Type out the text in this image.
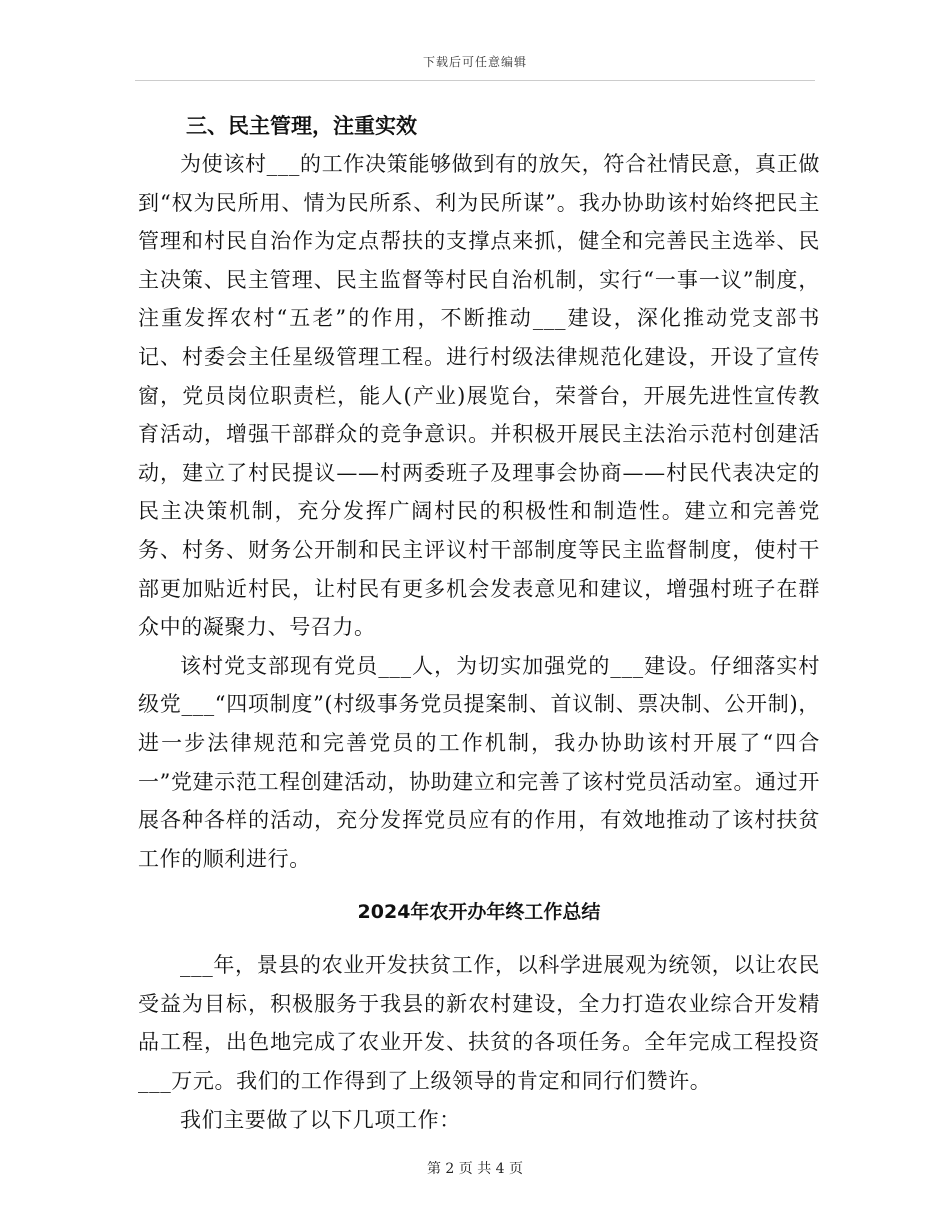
下载后可任意编辑
三、民主管理，注重实效

为使该村___的工作决策能够做到有的放矢，符合社情民意，真正做到“权为民所用、情为民所系、利为民所谋”。我办协助该村始终把民主管理和村民自治作为定点帮扶的支撑点来抓，健全和完善民主选举、民主决策、民主管理、民主监督等村民自治机制，实行“一事一议”制度，注重发挥农村“五老”的作用，不断推动___建设，深化推动党支部书记、村委会主任星级管理工程。进行村级法律规范化建设，开设了宣传窗，党员岗位职责栏，能人(产业)展览台，荣誉台，开展先进性宣传教育活动，增强干部群众的竞争意识。并积极开展民主法治示范村创建活动，建立了村民提议——村两委班子及理事会协商——村民代表决定的民主决策机制，充分发挥广阔村民的积极性和制造性。建立和完善党务、村务、财务公开制和民主评议村干部制度等民主监督制度，使村干部更加贴近村民，让村民有更多机会发表意见和建议，增强村班子在群众中的凝聚力、号召力。

该村党支部现有党员___人，为切实加强党的___建设。仔细落实村级党___“四项制度”(村级事务党员提案制、首议制、票决制、公开制)，进一步法律规范和完善党员的工作机制，我办协助该村开展了“四合一”党建示范工程创建活动，协助建立和完善了该村党员活动室。通过开展各种各样的活动，充分发挥党员应有的作用，有效地推动了该村扶贫工作的顺利进行。

2024年农开办年终工作总结

___年，景县的农业开发扶贫工作，以科学进展观为统领，以让农民受益为目标，积极服务于我县的新农村建设，全力打造农业综合开发精品工程，出色地完成了农业开发、扶贫的各项任务。全年完成工程投资___万元。我们的工作得到了上级领导的肯定和同行们赞许。

我们主要做了以下几项工作：

第 2 页 共 4 页
